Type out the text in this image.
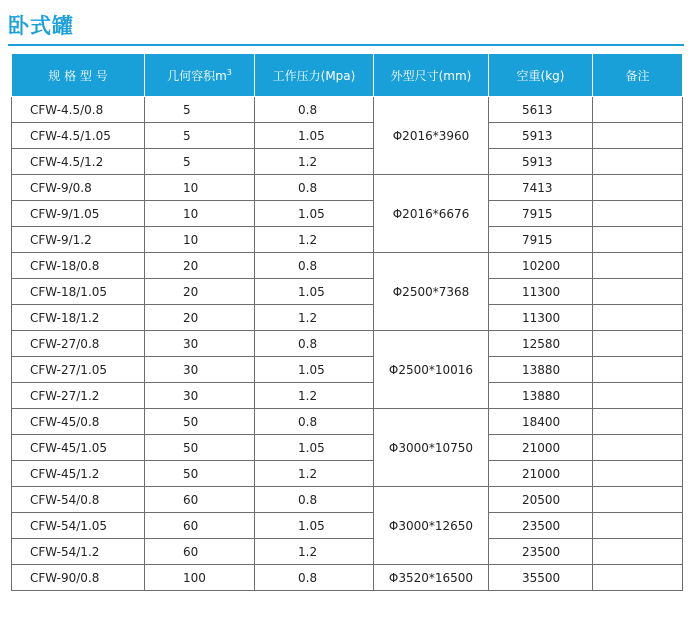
卧式罐
规 格 型 号	几何容积$m^3$	工作压力(Mpa)	外型尺寸(mm)	空重(kg)	备注
CFW-4.5/0.8	5	0.8	Φ2016*3960	5613	
CFW-4.5/1.05	5	1.05		5913	
CFW-4.5/1.2	5	1.2		5913	
CFW-9/0.8	10	0.8	Φ2016*6676	7413	
CFW-9/1.05	10	1.05		7915	
CFW-9/1.2	10	1.2		7915	
CFW-18/0.8	20	0.8	Φ2500*7368	10200	
CFW-18/1.05	20	1.05		11300	
CFW-18/1.2	20	1.2		11300	
CFW-27/0.8	30	0.8	Φ2500*10016	12580	
CFW-27/1.05	30	1.05		13880	
CFW-27/1.2	30	1.2		13880	
CFW-45/0.8	50	0.8	Φ3000*10750	18400	
CFW-45/1.05	50	1.05		21000	
CFW-45/1.2	50	1.2		21000	
CFW-54/0.8	60	0.8	Φ3000*12650	20500	
CFW-54/1.05	60	1.05		23500	
CFW-54/1.2	60	1.2		23500	
CFW-90/0.8	100	0.8	Φ3520*16500	35500	
